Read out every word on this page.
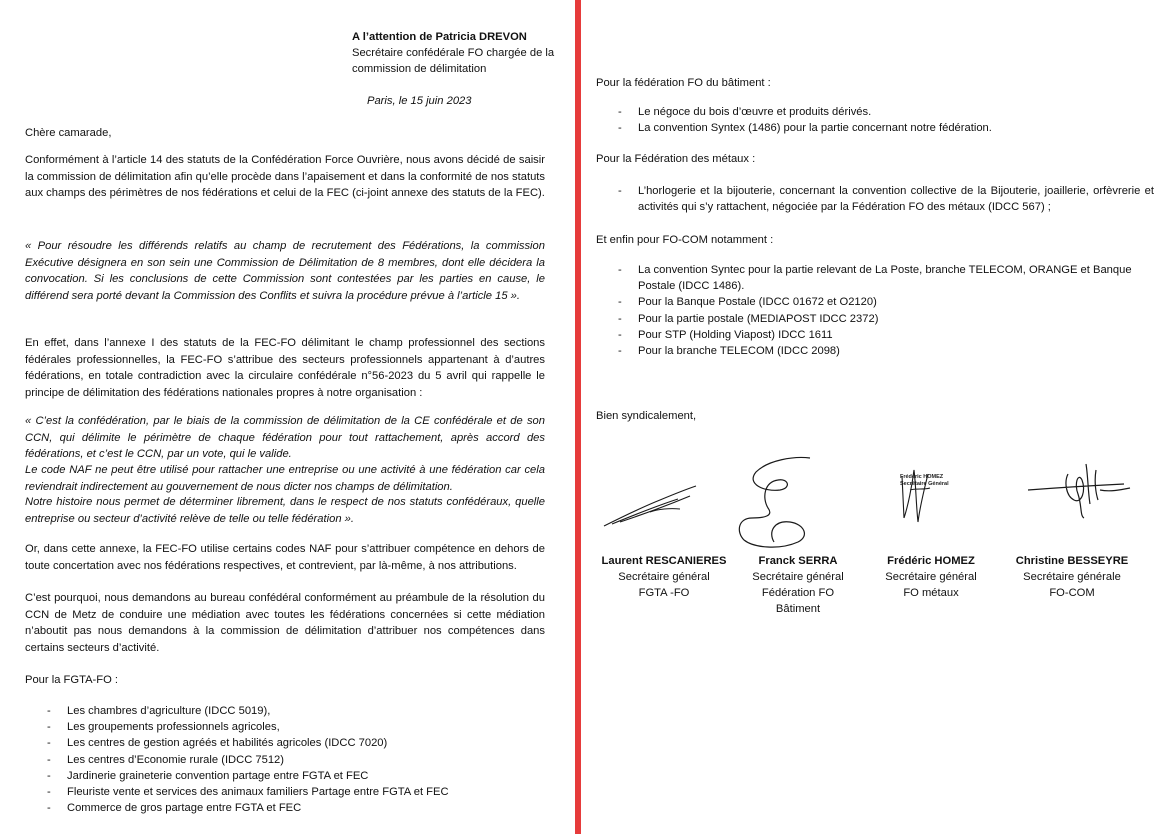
A l’attention de Patricia DREVON
Secrétaire confédérale FO chargée de la
commission de délimitation
Paris, le 15 juin 2023
Chère camarade,

Conformément à l’article 14 des statuts de la Confédération Force Ouvrière, nous avons décidé de saisir la commission de délimitation afin qu’elle procède dans l’apaisement et dans la conformité de nos statuts aux champs des périmètres de nos fédérations et celui de la FEC (ci-joint annexe des statuts de la FEC).

« Pour résoudre les différends relatifs au champ de recrutement des Fédérations, la commission Exécutive désignera en son sein une Commission de Délimitation de 8 membres, dont elle décidera la convocation. Si les conclusions de cette Commission sont contestées par les parties en cause, le différend sera porté devant la Commission des Conflits et suivra la procédure prévue à l’article 15 ».

En effet, dans l’annexe I des statuts de la FEC-FO délimitant le champ professionnel des sections fédérales professionnelles, la FEC-FO s’attribue des secteurs professionnels appartenant à d’autres fédérations, en totale contradiction avec la circulaire confédérale n°56-2023 du 5 avril qui rappelle le principe de délimitation des fédérations nationales propres à notre organisation :

« C’est la confédération, par le biais de la commission de délimitation de la CE confédérale et de son CCN, qui délimite le périmètre de chaque fédération pour tout rattachement, après accord des fédérations, et c’est le CCN, par un vote, qui le valide.

Le code NAF ne peut être utilisé pour rattacher une entreprise ou une activité à une fédération car cela reviendrait indirectement au gouvernement de nous dicter nos champs de délimitation.

Notre histoire nous permet de déterminer librement, dans le respect de nos statuts confédéraux, quelle entreprise ou secteur d’activité relève de telle ou telle fédération ».

Or, dans cette annexe, la FEC-FO utilise certains codes NAF pour s’attribuer compétence en dehors de toute concertation avec nos fédérations respectives, et contrevient, par là-même, à nos attributions.

C’est pourquoi, nous demandons au bureau confédéral conformément au préambule de la résolution du CCN de Metz de conduire une médiation avec toutes les fédérations concernées si cette médiation n’aboutit pas nous demandons à la commission de délimitation d’attribuer nos compétences dans certains secteurs d’activité.

Pour la FGTA-FO :
- Les chambres d’agriculture (IDCC 5019),
- Les groupements professionnels agricoles,
- Les centres de gestion agréés et habilités agricoles (IDCC 7020)
- Les centres d’Economie rurale (IDCC 7512)
- Jardinerie graineterie convention partage entre FGTA et FEC
- Fleuriste vente et services des animaux familiers Partage entre FGTA et FEC
- Commerce de gros partage entre FGTA et FEC
Pour la fédération FO du bâtiment :
- Le négoce du bois d’œuvre et produits dérivés.
- La convention Syntex (1486) pour la partie concernant notre fédération.
Pour la Fédération des métaux :
- L’horlogerie et la bijouterie, concernant la convention collective de la Bijouterie, joaillerie, orfèvrerie et activités qui s’y rattachent, négociée par la Fédération FO des métaux (IDCC 567) ;
Et enfin pour FO-COM notamment :
- La convention Syntec pour la partie relevant de La Poste, branche TELECOM, ORANGE et Banque Postale (IDCC 1486).
- Pour la Banque Postale (IDCC 01672 et O2120)
- Pour la partie postale (MEDIAPOST IDCC 2372)
- Pour STP (Holding Viapost) IDCC 1611
- Pour la branche TELECOM (IDCC 2098)
Bien syndicalement,
Frédéric HOMEZ
Secrétaire Général
Laurent RESCANIERES
Secrétaire général
FGTA -FO
Franck SERRA
Secrétaire général
Fédération FO
Bâtiment
Frédéric HOMEZ
Secrétaire général
FO métaux
Christine BESSEYRE
Secrétaire générale
FO-COM
